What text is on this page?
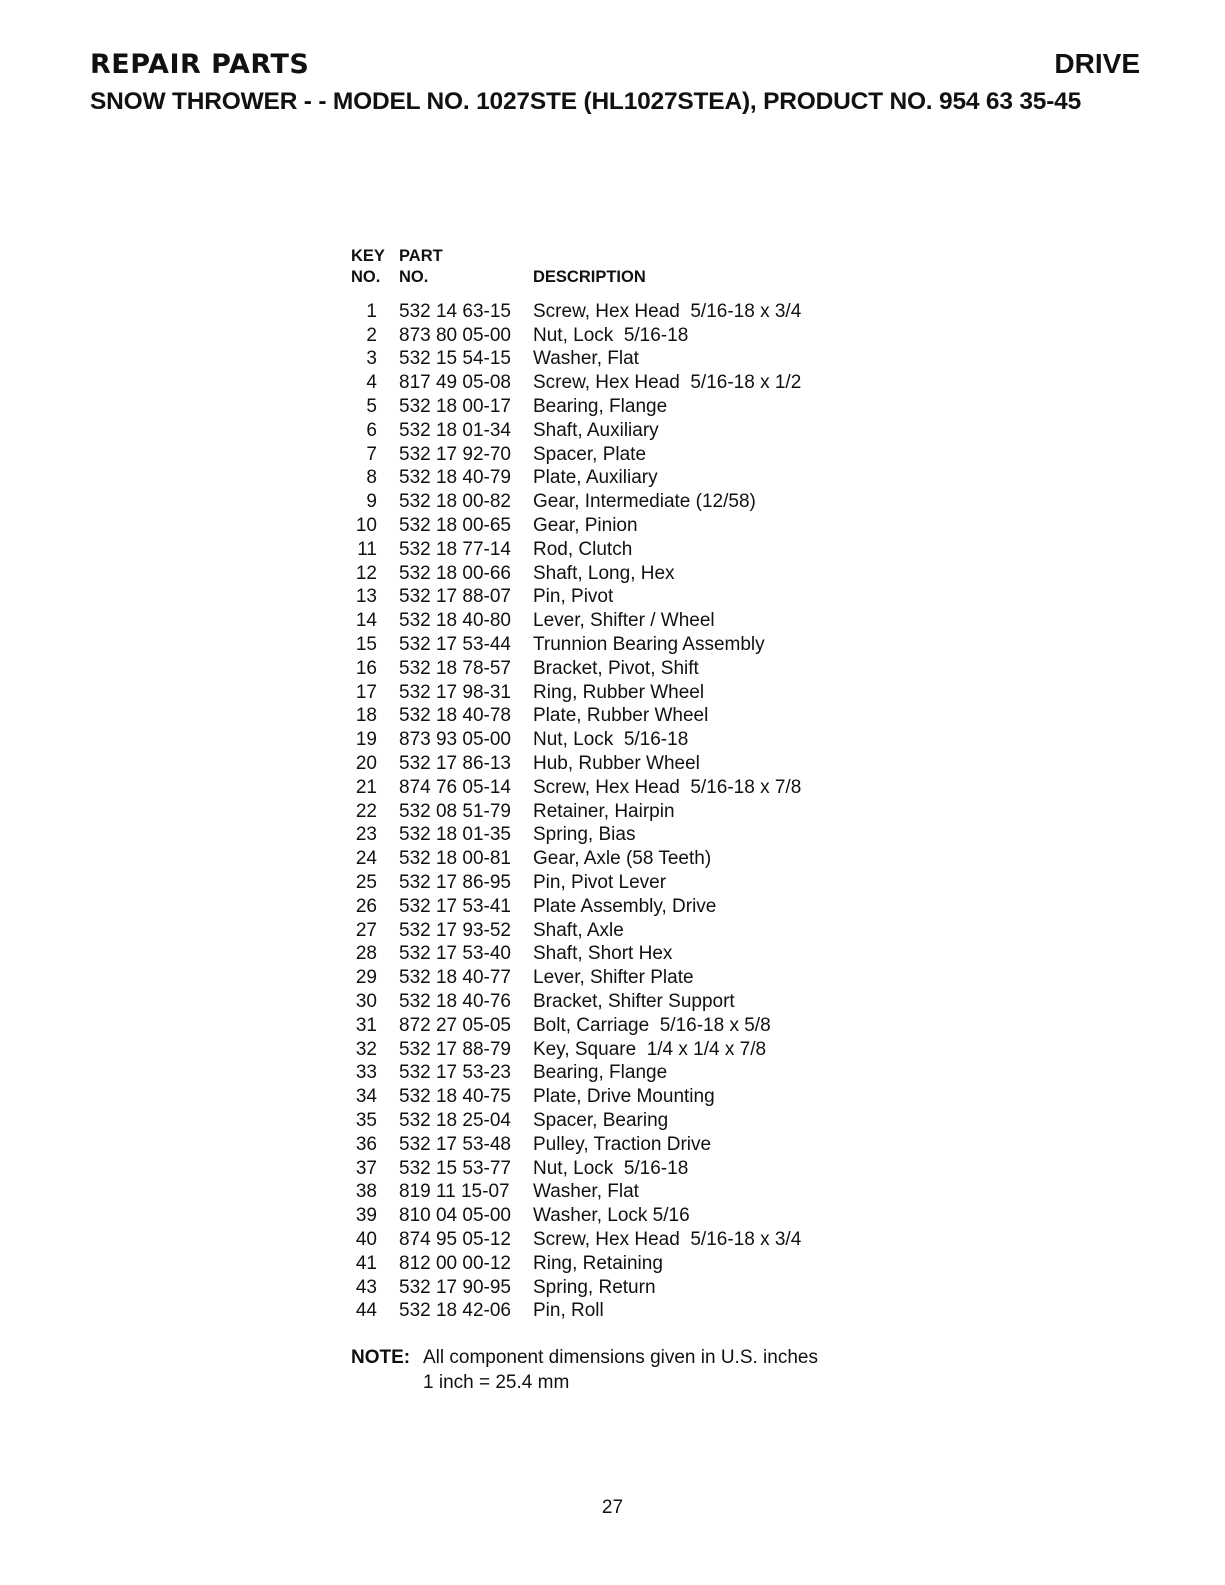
REPAIR PARTS	DRIVE
SNOW THROWER - - MODEL NO. 1027STE (HL1027STEA), PRODUCT NO. 954 63 35-45
KEY
NO.
PART
NO.	DESCRIPTION
1	532 14 63-15	Screw, Hex Head  5/16-18 x 3/4
2	873 80 05-00	Nut, Lock  5/16-18
3	532 15 54-15	Washer, Flat
4	817 49 05-08	Screw, Hex Head  5/16-18 x 1/2
5	532 18 00-17	Bearing, Flange
6	532 18 01-34	Shaft, Auxiliary
7	532 17 92-70	Spacer, Plate
8	532 18 40-79	Plate, Auxiliary
9	532 18 00-82	Gear, Intermediate (12/58)
10	532 18 00-65	Gear, Pinion
11	532 18 77-14	Rod, Clutch
12	532 18 00-66	Shaft, Long, Hex
13	532 17 88-07	Pin, Pivot
14	532 18 40-80	Lever, Shifter / Wheel
15	532 17 53-44	Trunnion Bearing Assembly
16	532 18 78-57	Bracket, Pivot, Shift
17	532 17 98-31	Ring, Rubber Wheel
18	532 18 40-78	Plate, Rubber Wheel
19	873 93 05-00	Nut, Lock  5/16-18
20	532 17 86-13	Hub, Rubber Wheel
21	874 76 05-14	Screw, Hex Head  5/16-18 x 7/8
22	532 08 51-79	Retainer, Hairpin
23	532 18 01-35	Spring, Bias
24	532 18 00-81	Gear, Axle (58 Teeth)
25	532 17 86-95	Pin, Pivot Lever
26	532 17 53-41	Plate Assembly, Drive
27	532 17 93-52	Shaft, Axle
28	532 17 53-40	Shaft, Short Hex
29	532 18 40-77	Lever, Shifter Plate
30	532 18 40-76	Bracket, Shifter Support
31	872 27 05-05	Bolt, Carriage  5/16-18 x 5/8
32	532 17 88-79	Key, Square  1/4 x 1/4 x 7/8
33	532 17 53-23	Bearing, Flange
34	532 18 40-75	Plate, Drive Mounting
35	532 18 25-04	Spacer, Bearing
36	532 17 53-48	Pulley, Traction Drive
37	532 15 53-77	Nut, Lock  5/16-18
38	819 11 15-07	Washer, Flat
39	810 04 05-00	Washer, Lock 5/16
40	874 95 05-12	Screw, Hex Head  5/16-18 x 3/4
41	812 00 00-12	Ring, Retaining
43	532 17 90-95	Spring, Return
44	532 18 42-06	Pin, Roll
NOTE: All component dimensions given in U.S. inches
1 inch = 25.4 mm
27
